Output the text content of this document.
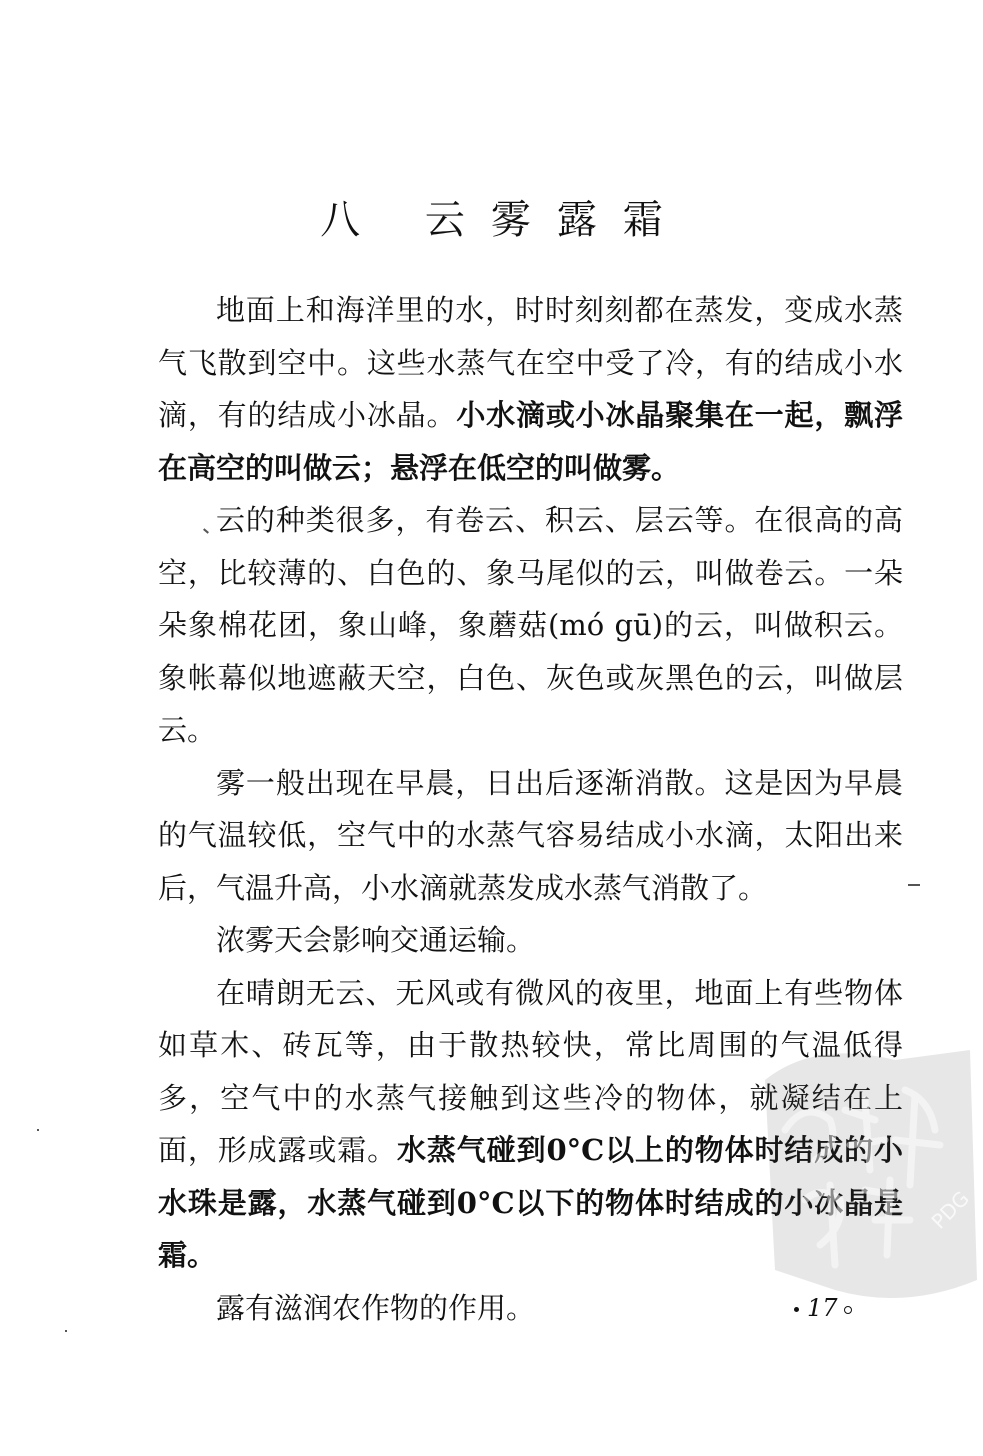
八 云雾露霜

地面上和海洋里的水，时时刻刻都在蒸发，变成水蒸气飞散到空中。这些水蒸气在空中受了冷，有的结成小水滴，有的结成小冰晶。小水滴或小冰晶聚集在一起，飘浮在高空的叫做云；悬浮在低空的叫做雾。

云的种类很多，有卷云、积云、层云等。在很高的高空，比较薄的、白色的、象马尾似的云，叫做卷云。一朵朵象棉花团，象山峰，象蘑菇(mó gū)的云，叫做积云。象帐幕似地遮蔽天空，白色、灰色或灰黑色的云，叫做层云。

雾一般出现在早晨，日出后逐渐消散。这是因为早晨的气温较低，空气中的水蒸气容易结成小水滴，太阳出来后，气温升高，小水滴就蒸发成水蒸气消散了。

浓雾天会影响交通运输。

在晴朗无云、无风或有微风的夜里，地面上有些物体如草木、砖瓦等，由于散热较快，常比周围的气温低得多，空气中的水蒸气接触到这些冷的物体，就凝结在上面，形成露或霜。水蒸气碰到0°C以上的物体时结成的小水珠是露，水蒸气碰到0°C以下的物体时结成的小冰晶是霜。

露有滋润农作物的作用。	17
PDG
